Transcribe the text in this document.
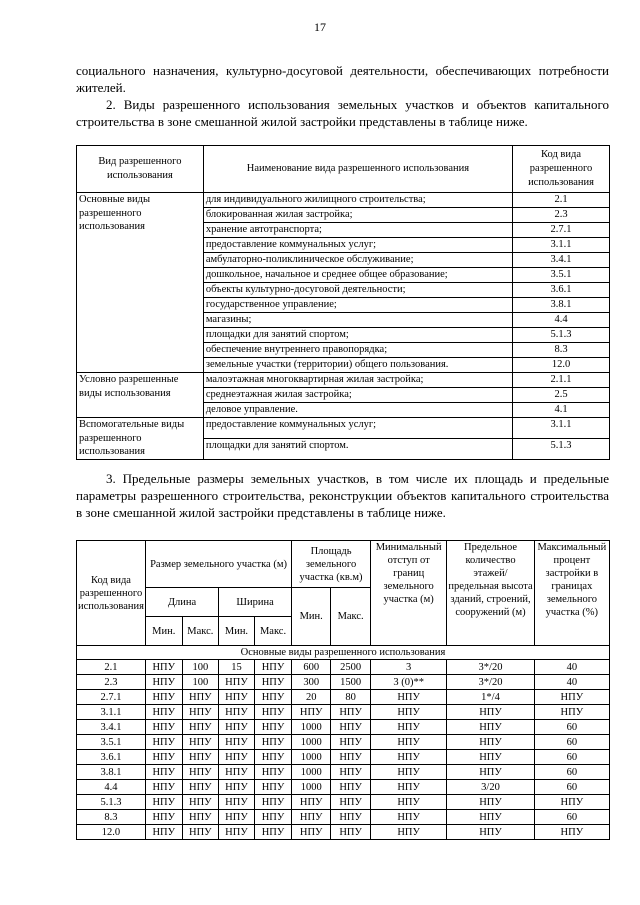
17
социального назначения, культурно-досуговой деятельности, обеспечивающих потребности жителей.
2. Виды разрешенного использования земельных участков и объектов капитального строительства в зоне смешанной жилой застройки представлены в таблице ниже.
Вид разрешенного использования	Наименование вида разрешенного использования	Код вида разрешенного использования
Основные виды разрешенного использования	для индивидуального жилищного строительства;	2.1
	блокированная жилая застройка;	2.3
	хранение автотранспорта;	2.7.1
	предоставление коммунальных услуг;	3.1.1
	амбулаторно-поликлиническое обслуживание;	3.4.1
	дошкольное, начальное и среднее общее образование;	3.5.1
	объекты культурно-досуговой деятельности;	3.6.1
	государственное управление;	3.8.1
	магазины;	4.4
	площадки для занятий спортом;	5.1.3
	обеспечение внутреннего правопорядка;	8.3
	земельные участки (территории) общего пользования.	12.0
Условно разрешенные виды использования	малоэтажная многоквартирная жилая застройка;	2.1.1
	среднеэтажная жилая застройка;	2.5
	деловое управление.	4.1
Вспомогательные виды разрешенного использования	предоставление коммунальных услуг;	3.1.1
	площадки для занятий спортом.	5.1.3
3. Предельные размеры земельных участков, в том числе их площадь и предельные параметры разрешенного строительства, реконструкции объектов капитального строительства в зоне смешанной жилой застройки представлены в таблице ниже.
Код вида разрешенного использования	Размер земельного участка (м)				Площадь земельного участка (кв.м)		Минимальный отступ от границ земельного участка (м)	Предельное количество этажей/ предельная высота зданий, строений, сооружений (м)	Максимальный процент застройки в границах земельного участка (%)
	Длина		Ширина		Мин.	Макс.			
	Мин.	Макс.	Мин.	Макс.					
Основные виды разрешенного использования									
2.1	НПУ	100	15	НПУ	600	2500	3	3*/20	40
2.3	НПУ	100	НПУ	НПУ	300	1500	3 (0)**	3*/20	40
2.7.1	НПУ	НПУ	НПУ	НПУ	20	80	НПУ	1*/4	НПУ
3.1.1	НПУ	НПУ	НПУ	НПУ	НПУ	НПУ	НПУ	НПУ	НПУ
3.4.1	НПУ	НПУ	НПУ	НПУ	1000	НПУ	НПУ	НПУ	60
3.5.1	НПУ	НПУ	НПУ	НПУ	1000	НПУ	НПУ	НПУ	60
3.6.1	НПУ	НПУ	НПУ	НПУ	1000	НПУ	НПУ	НПУ	60
3.8.1	НПУ	НПУ	НПУ	НПУ	1000	НПУ	НПУ	НПУ	60
4.4	НПУ	НПУ	НПУ	НПУ	1000	НПУ	НПУ	3/20	60
5.1.3	НПУ	НПУ	НПУ	НПУ	НПУ	НПУ	НПУ	НПУ	НПУ
8.3	НПУ	НПУ	НПУ	НПУ	НПУ	НПУ	НПУ	НПУ	60
12.0	НПУ	НПУ	НПУ	НПУ	НПУ	НПУ	НПУ	НПУ	НПУ
